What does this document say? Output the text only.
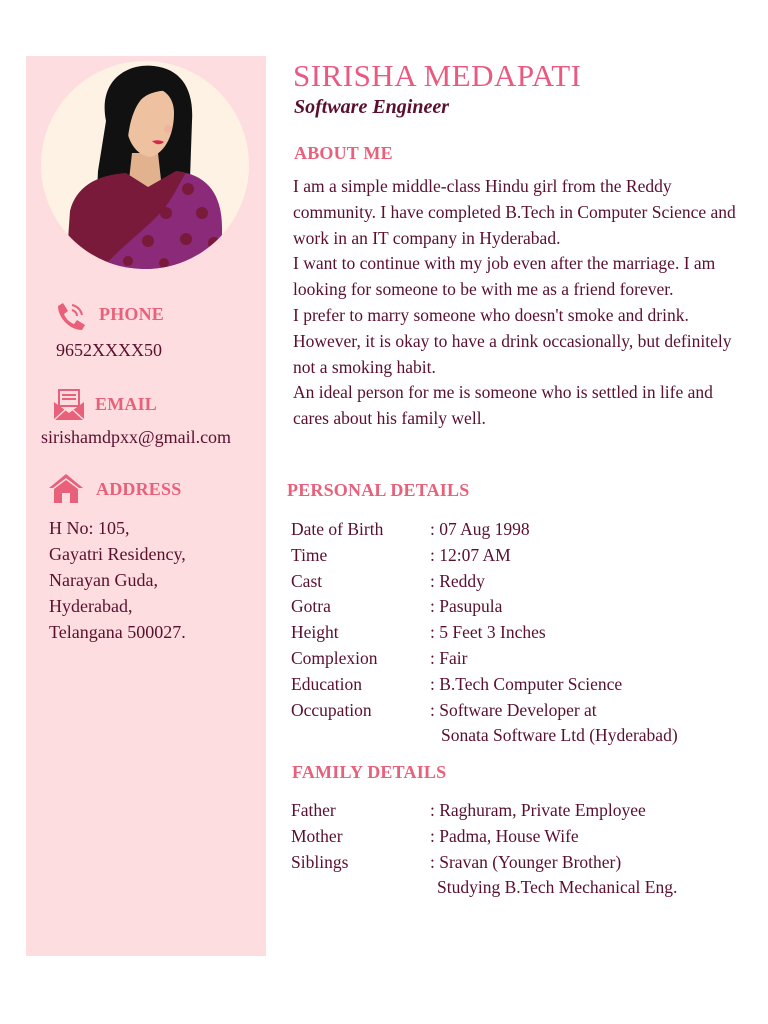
PHONE
9652XXXX50
EMAIL
sirishamdpxx@gmail.com
ADDRESS
H No: 105,
Gayatri Residency,
Narayan Guda,
Hyderabad,
Telangana 500027.
SIRISHA MEDAPATI
Software Engineer
ABOUT ME

I am a simple middle-class Hindu girl from the Reddy community. I have completed B.Tech in Computer Science and work in an IT company in Hyderabad.

I want to continue with my job even after the marriage. I am looking for someone to be with me as a friend forever.

I prefer to marry someone who doesn't smoke and drink. However, it is okay to have a drink occasionally, but definitely not a smoking habit.

An ideal person for me is someone who is settled in life and cares about his family well.

PERSONAL DETAILS
Date of Birth	: 07 Aug 1998
Time	: 12:07 AM
Cast	: Reddy
Gotra	: Pasupula
Height	: 5 Feet 3 Inches
Complexion	: Fair
Education	: B.Tech Computer Science
Occupation	: Software Developer at
Sonata Software Ltd (Hyderabad)
FAMILY DETAILS
Father	: Raghuram, Private Employee
Mother	: Padma, House Wife
Siblings	: Sravan (Younger Brother)
Studying B.Tech Mechanical Eng.
